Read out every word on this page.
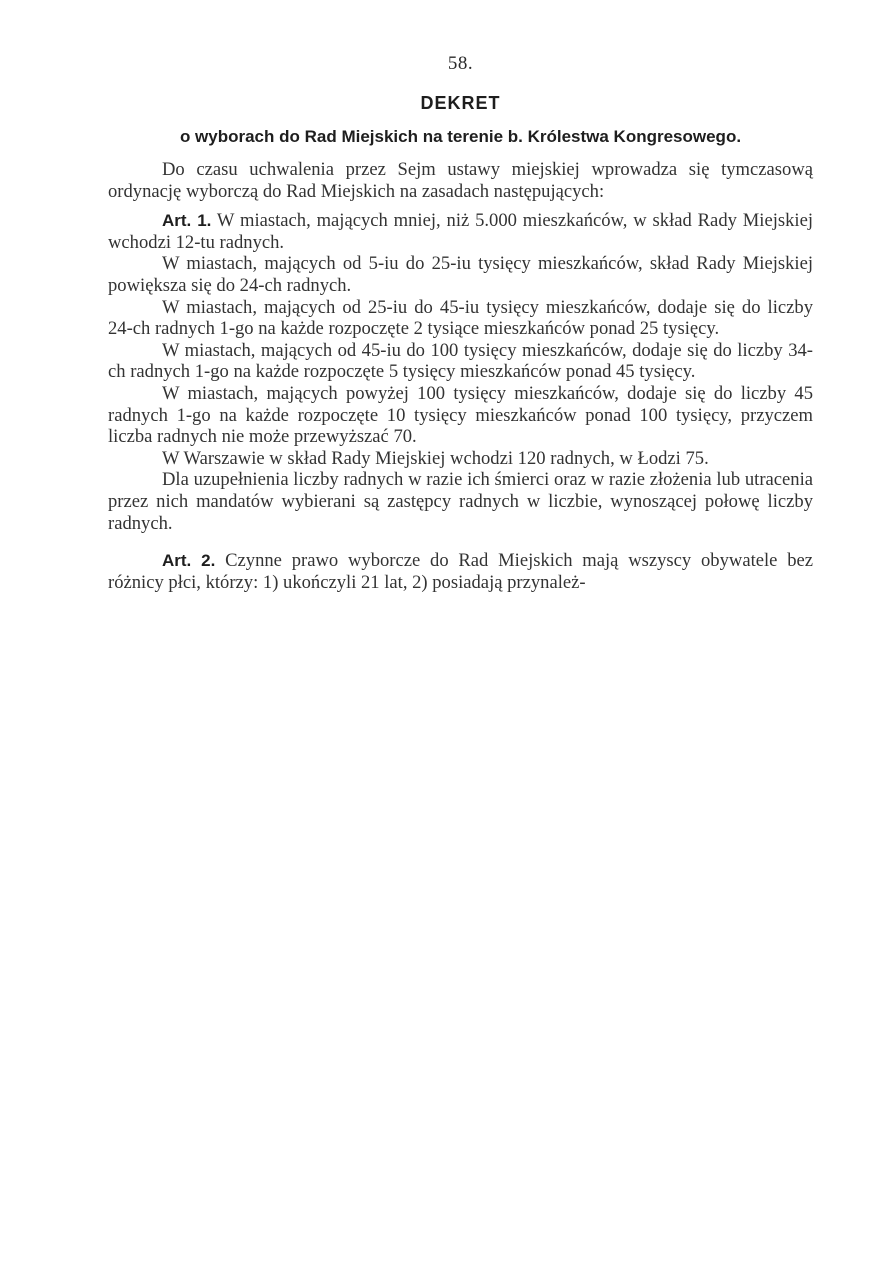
58.
DEKRET
o wyborach do Rad Miejskich na terenie b. Królestwa Kongresowego.

Do czasu uchwalenia przez Sejm ustawy miejskiej wprowadza się tymczasową ordynację wyborczą do Rad Miejskich na zasadach następujących:

Art. 1. W miastach, mających mniej, niż 5.000 mieszkańców, w skład Rady Miejskiej wchodzi 12-tu radnych.

W miastach, mających od 5-iu do 25-iu tysięcy mieszkańców, skład Rady Miejskiej powiększa się do 24-ch radnych.

W miastach, mających od 25-iu do 45-iu tysięcy mieszkańców, dodaje się do liczby 24-ch radnych 1-go na każde rozpoczęte 2 tysiące mieszkańców ponad 25 tysięcy.

W miastach, mających od 45-iu do 100 tysięcy mieszkańców, dodaje się do liczby 34-ch radnych 1-go na każde rozpoczęte 5 tysięcy mieszkańców ponad 45 tysięcy.

W miastach, mających powyżej 100 tysięcy mieszkańców, dodaje się do liczby 45 radnych 1-go na każde rozpoczęte 10 tysięcy mieszkańców ponad 100 tysięcy, przyczem liczba radnych nie może przewyższać 70.

W Warszawie w skład Rady Miejskiej wchodzi 120 radnych, w Łodzi 75.

Dla uzupełnienia liczby radnych w razie ich śmierci oraz w razie złożenia lub utracenia przez nich mandatów wybierani są zastępcy radnych w liczbie, wynoszącej połowę liczby radnych.

Art. 2. Czynne prawo wyborcze do Rad Miejskich mają wszyscy obywatele bez różnicy płci, którzy: 1) ukończyli 21 lat, 2) posiadają przynależ-
